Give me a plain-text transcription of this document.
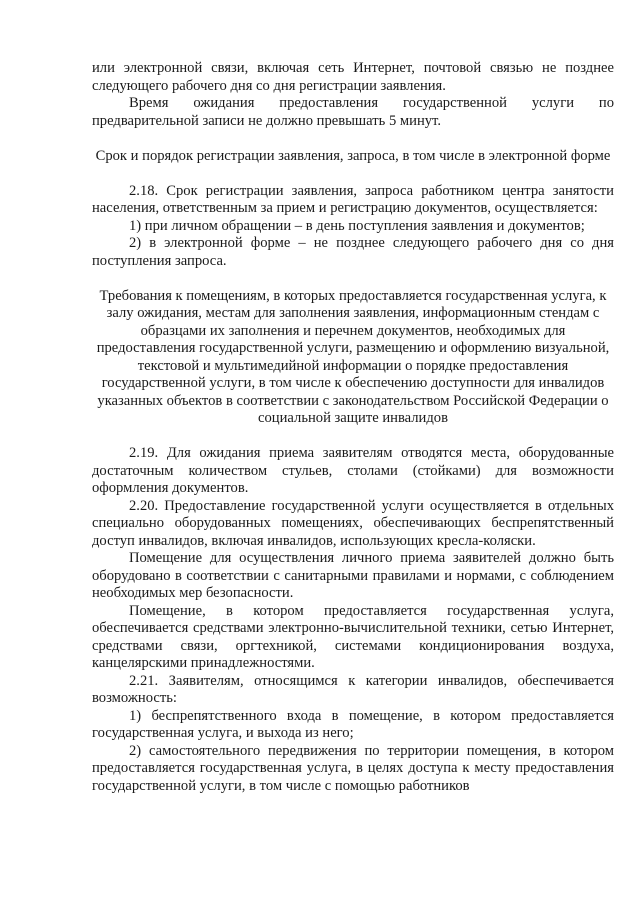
или электронной связи, включая сеть Интернет, почтовой связью не позднее следующего рабочего дня со дня регистрации заявления.

Время ожидания предоставления государственной услуги по предварительной записи не должно превышать 5 минут.

Срок и порядок регистрации заявления, запроса, в том числе в электронной форме

2.18. Срок регистрации заявления, запроса работником центра занятости населения, ответственным за прием и регистрацию документов, осуществляется:

1) при личном обращении – в день поступления заявления и документов;

2) в электронной форме – не позднее следующего рабочего дня со дня поступления запроса.

Требования к помещениям, в которых предоставляется государственная услуга, к залу ожидания, местам для заполнения заявления, информационным стендам с образцами их заполнения и перечнем документов, необходимых для предоставления государственной услуги, размещению и оформлению визуальной, текстовой и мультимедийной информации о порядке предоставления государственной услуги, в том числе к обеспечению доступности для инвалидов указанных объектов в соответствии с законодательством Российской Федерации о социальной защите инвалидов

2.19. Для ожидания приема заявителям отводятся места, оборудованные достаточным количеством стульев, столами (стойками) для возможности оформления документов.

2.20. Предоставление государственной услуги осуществляется в отдельных специально оборудованных помещениях, обеспечивающих беспрепятственный доступ инвалидов, включая инвалидов, использующих кресла-коляски.

Помещение для осуществления личного приема заявителей должно быть оборудовано в соответствии с санитарными правилами и нормами, с соблюдением необходимых мер безопасности.

Помещение, в котором предоставляется государственная услуга, обеспечивается средствами электронно-вычислительной техники, сетью Интернет, средствами связи, оргтехникой, системами кондиционирования воздуха, канцелярскими принадлежностями.

2.21. Заявителям, относящимся к категории инвалидов, обеспечивается возможность:

1) беспрепятственного входа в помещение, в котором предоставляется государственная услуга, и выхода из него;

2) самостоятельного передвижения по территории помещения, в котором предоставляется государственная услуга, в целях доступа к месту предоставления государственной услуги, в том числе с помощью работников
